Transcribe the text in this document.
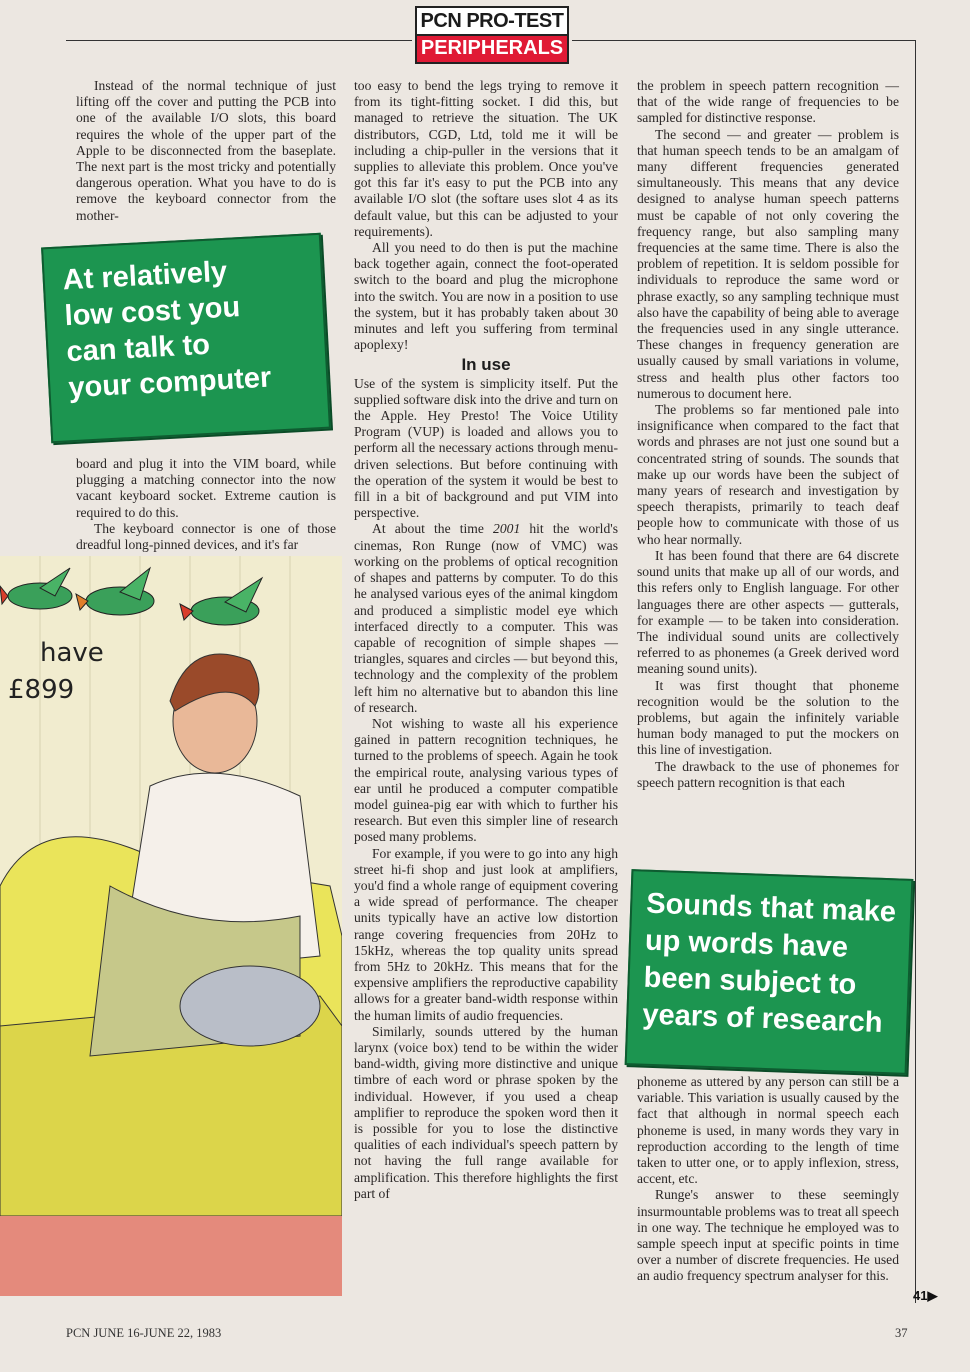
PCN PRO-TEST
PERIPHERALS

Instead of the normal technique of just lifting off the cover and putting the PCB into one of the available I/O slots, this board requires the whole of the upper part of the Apple to be disconnected from the baseplate. The next part is the most tricky and potentially dangerous operation. What you have to do is remove the keyboard connector from the mother-

At relatively
low cost you
can talk to
your computer

board and plug it into the VIM board, while plugging a matching connector into the now vacant keyboard socket. Extreme caution is required to do this.

The keyboard connector is one of those dreadful long-pinned devices, and it's far

have
£899

too easy to bend the legs trying to remove it from its tight-fitting socket. I did this, but managed to retrieve the situation. The UK distributors, CGD, Ltd, told me it will be including a chip-puller in the versions that it supplies to alleviate this problem. Once you've got this far it's easy to put the PCB into any available I/O slot (the softare uses slot 4 as its default value, but this can be adjusted to your requirements).

All you need to do then is put the machine back together again, connect the foot-operated switch to the board and plug the microphone into the switch. You are now in a position to use the system, but it has probably taken about 30 minutes and left you suffering from terminal apoplexy!

In use

Use of the system is simplicity itself. Put the supplied software disk into the drive and turn on the Apple. Hey Presto! The Voice Utility Program (VUP) is loaded and allows you to perform all the necessary actions through menu-driven selections. But before continuing with the operation of the system it would be best to fill in a bit of background and put VIM into perspective.

At about the time 2001 hit the world's cinemas, Ron Runge (now of VMC) was working on the problems of optical recognition of shapes and patterns by computer. To do this he analysed various eyes of the animal kingdom and produced a simplistic model eye which interfaced directly to a computer. This was capable of recognition of simple shapes — triangles, squares and circles — but beyond this, technology and the complexity of the problem left him no alternative but to abandon this line of research.

Not wishing to waste all his experience gained in pattern recognition techniques, he turned to the problems of speech. Again he took the empirical route, analysing various types of ear until he produced a computer compatible model guinea-pig ear with which to further his research. But even this simpler line of research posed many problems.

For example, if you were to go into any high street hi-fi shop and just look at amplifiers, you'd find a whole range of equipment covering a wide spread of performance. The cheaper units typically have an active low distortion range covering frequencies from 20Hz to 15kHz, whereas the top quality units spread from 5Hz to 20kHz. This means that for the expensive amplifiers the reproductive capability allows for a greater band-width response within the human limits of audio frequencies.

Similarly, sounds uttered by the human larynx (voice box) tend to be within the wider band-width, giving more distinctive and unique timbre of each word or phrase spoken by the individual. However, if you used a cheap amplifier to reproduce the spoken word then it is possible for you to lose the distinctive qualities of each individual's speech pattern by not having the full range available for amplification. This therefore highlights the first part of

the problem in speech pattern recognition — that of the wide range of frequencies to be sampled for distinctive response.

The second — and greater — problem is that human speech tends to be an amalgam of many different frequencies generated simultaneously. This means that any device designed to analyse human speech patterns must be capable of not only covering the frequency range, but also sampling many frequencies at the same time. There is also the problem of repetition. It is seldom possible for individuals to reproduce the same word or phrase exactly, so any sampling technique must also have the capability of being able to average the frequencies used in any single utterance. These changes in frequency generation are usually caused by small variations in volume, stress and health plus other factors too numerous to document here.

The problems so far mentioned pale into insignificance when compared to the fact that words and phrases are not just one sound but a concentrated string of sounds. The sounds that make up our words have been the subject of many years of research and investigation by speech therapists, primarily to teach deaf people how to communicate with those of us who hear normally.

It has been found that there are 64 discrete sound units that make up all of our words, and this refers only to English language. For other languages there are other aspects — gutterals, for example — to be taken into consideration. The individual sound units are collectively referred to as phonemes (a Greek derived word meaning sound units).

It was first thought that phoneme recognition would be the solution to the problems, but again the infinitely variable human body managed to put the mockers on this line of investigation.

The drawback to the use of phonemes for speech pattern recognition is that each

Sounds that make
up words have
been subject to
years of research

phoneme as uttered by any person can still be a variable. This variation is usually caused by the fact that although in normal speech each phoneme is used, in many words they vary in reproduction according to the length of time taken to utter one, or to apply inflexion, stress, accent, etc.

Runge's answer to these seemingly insurmountable problems was to treat all speech in one way. The technique he employed was to sample speech input at specific points in time over a number of discrete frequencies. He used an audio frequency spectrum analyser for this.

41▶
PCN JUNE 16-JUNE 22, 1983	37
